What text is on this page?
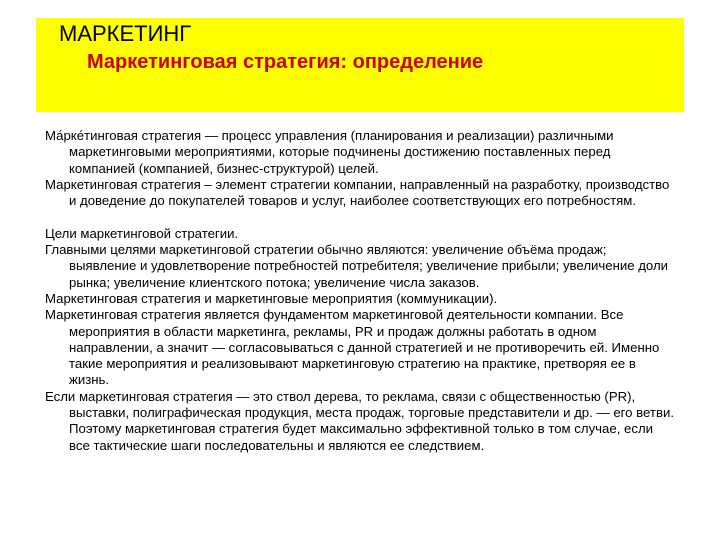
МАРКЕТИНГ
Маркетинговая стратегия: определение

Ма́рке́тинговая стратегия — процесс управления (планирования и реализации) различными маркетинговыми мероприятиями, которые подчинены достижению поставленных перед компанией (компанией, бизнес-структурой) целей.

Маркетинговая стратегия – элемент стратегии компании, направленный на разработку, производство и доведение до покупателей товаров и услуг, наиболее соответствующих его потребностям.

Цели маркетинговой стратегии.

Главными целями маркетинговой стратегии обычно являются: увеличение объёма продаж; выявление и удовлетворение потребностей потребителя; увеличение прибыли; увеличение доли рынка; увеличение клиентского потока; увеличение числа заказов.

Маркетинговая стратегия и маркетинговые мероприятия (коммуникации).

Маркетинговая стратегия является фундаментом маркетинговой деятельности компании. Все мероприятия в области маркетинга, рекламы, PR и продаж должны работать в одном направлении, а значит — согласовываться с данной стратегией и не противоречить ей. Именно такие мероприятия и реализовывают маркетинговую стратегию на практике, претворяя ее в жизнь.

Если маркетинговая стратегия — это ствол дерева, то реклама, связи с общественностью (PR), выставки, полиграфическая продукция, места продаж, торговые представители и др. — его ветви. Поэтому маркетинговая стратегия будет максимально эффективной только в том случае, если все тактические шаги последовательны и являются ее следствием.
